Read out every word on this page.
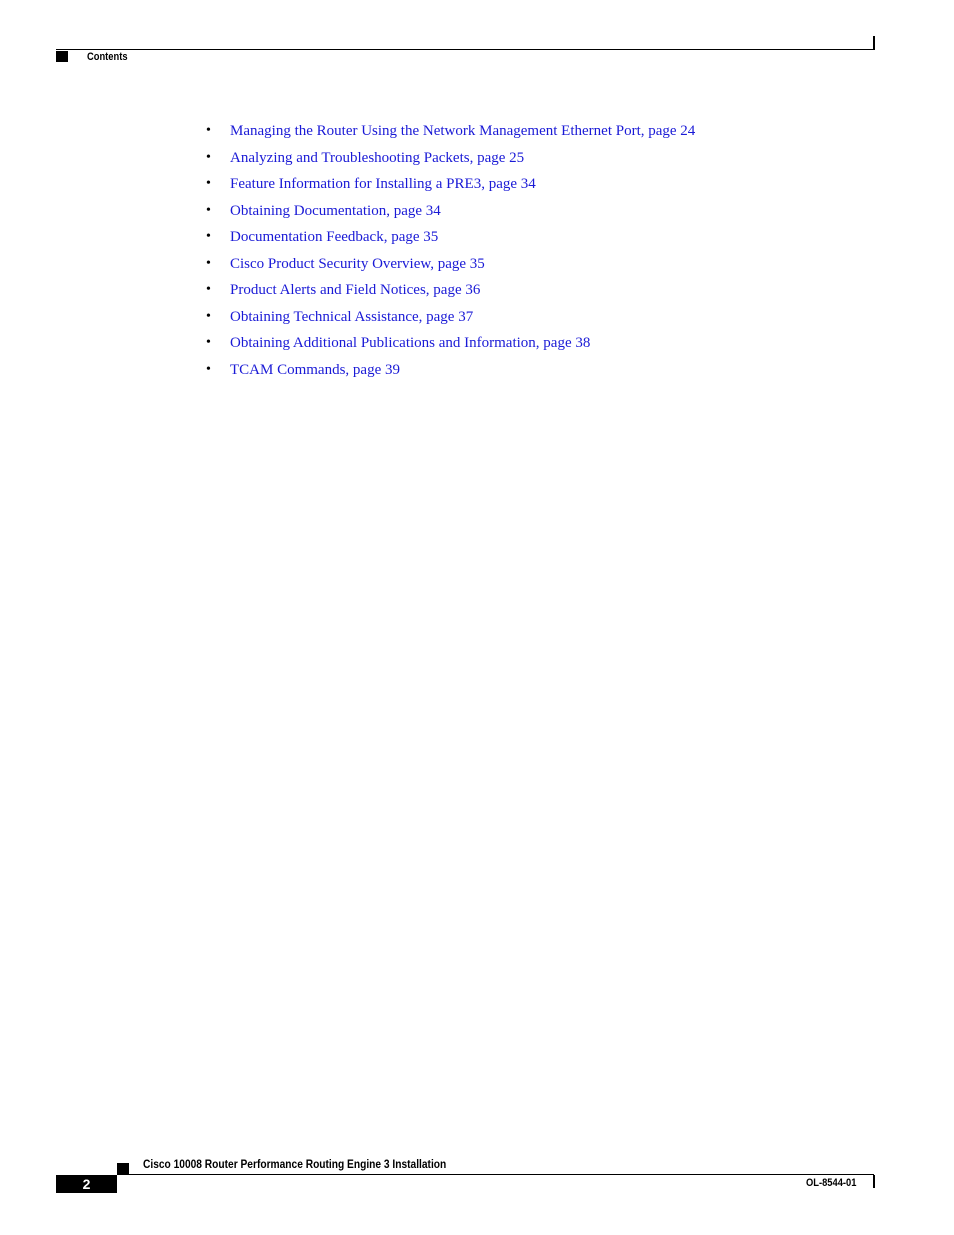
Contents
• Managing the Router Using the Network Management Ethernet Port, page 24
• Analyzing and Troubleshooting Packets, page 25
• Feature Information for Installing a PRE3, page 34
• Obtaining Documentation, page 34
• Documentation Feedback, page 35
• Cisco Product Security Overview, page 35
• Product Alerts and Field Notices, page 36
• Obtaining Technical Assistance, page 37
• Obtaining Additional Publications and Information, page 38
• TCAM Commands, page 39
Cisco 10008 Router Performance Routing Engine 3 Installation
2	OL-8544-01
